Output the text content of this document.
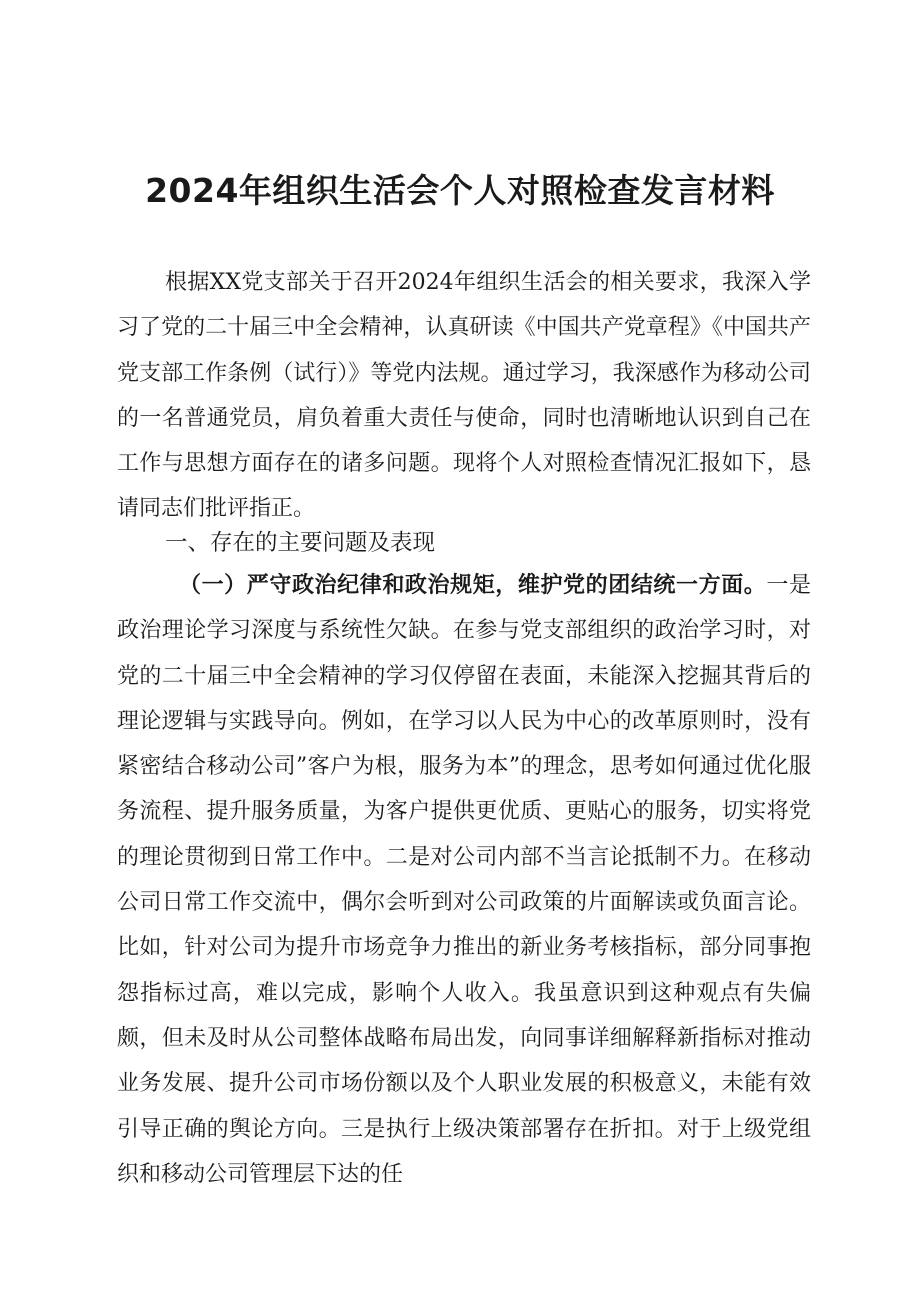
2024年组织生活会个人对照检查发言材料

根据XX党支部关于召开2024年组织生活会的相关要求，我深入学习了党的二十届三中全会精神，认真研读《中国共产党章程》《中国共产党支部工作条例（试行）》等党内法规。通过学习，我深感作为移动公司的一名普通党员，肩负着重大责任与使命，同时也清晰地认识到自己在工作与思想方面存在的诸多问题。现将个人对照检查情况汇报如下，恳请同志们批评指正。

一、存在的主要问题及表现

（一）严守政治纪律和政治规矩，维护党的团结统一方面。一是政治理论学习深度与系统性欠缺。在参与党支部组织的政治学习时，对党的二十届三中全会精神的学习仅停留在表面，未能深入挖掘其背后的理论逻辑与实践导向。例如，在学习以人民为中心的改革原则时，没有紧密结合移动公司”客户为根，服务为本”的理念，思考如何通过优化服务流程、提升服务质量，为客户提供更优质、更贴心的服务，切实将党的理论贯彻到日常工作中。二是对公司内部不当言论抵制不力。在移动公司日常工作交流中，偶尔会听到对公司政策的片面解读或负面言论。比如，针对公司为提升市场竞争力推出的新业务考核指标，部分同事抱怨指标过高，难以完成，影响个人收入。我虽意识到这种观点有失偏颇，但未及时从公司整体战略布局出发，向同事详细解释新指标对推动业务发展、提升公司市场份额以及个人职业发展的积极意义，未能有效引导正确的舆论方向。三是执行上级决策部署存在折扣。对于上级党组织和移动公司管理层下达的任
